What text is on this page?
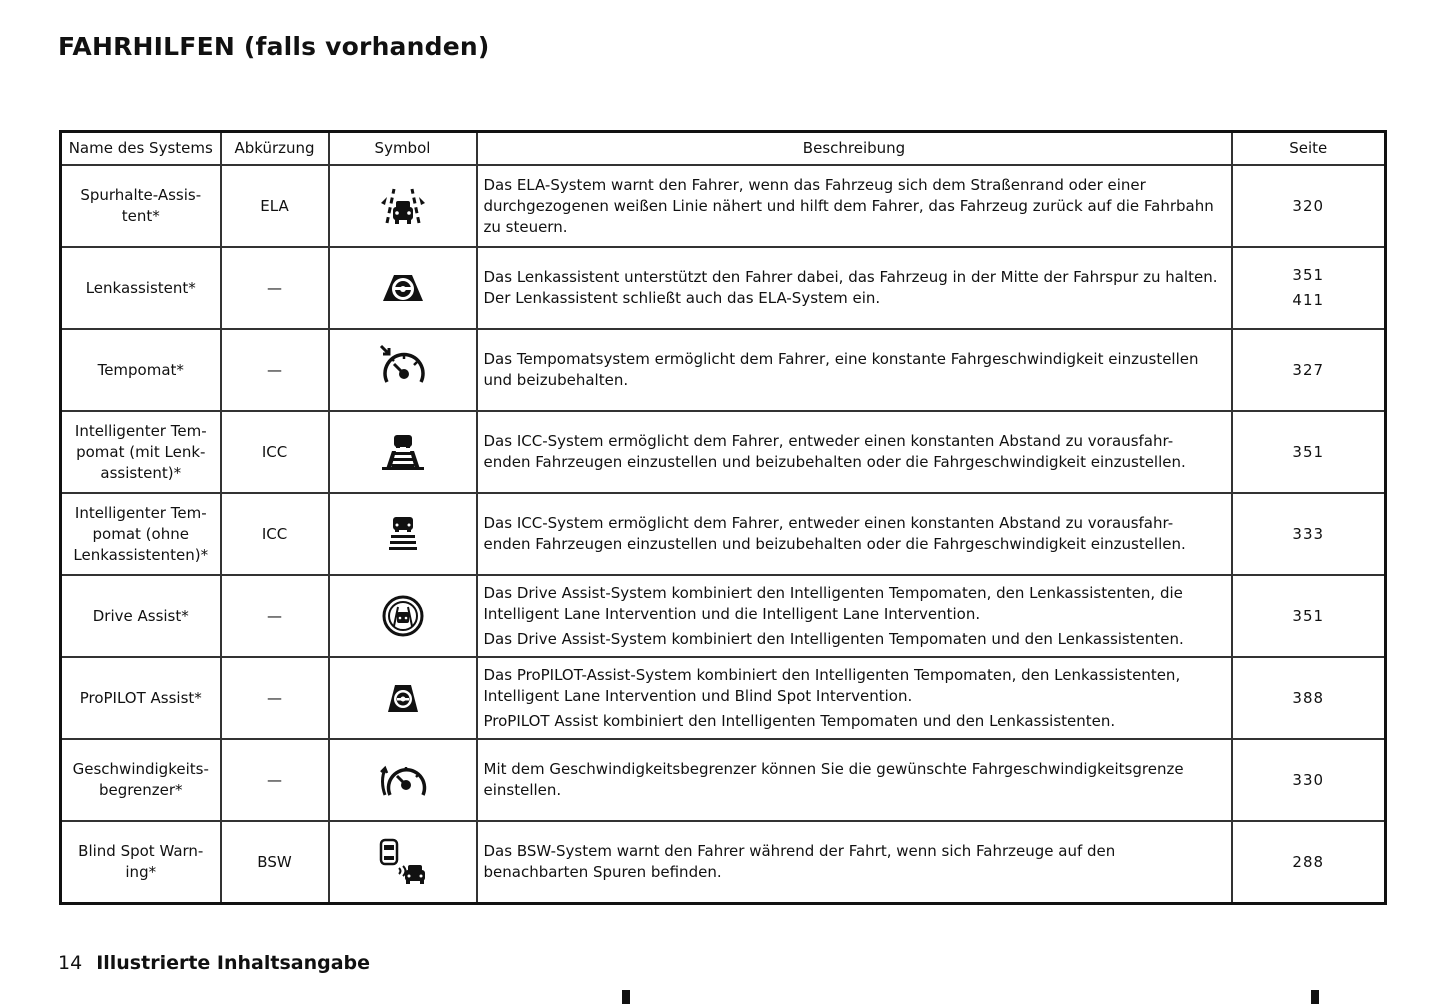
FAHRHILFEN (falls vorhanden)
Name des Systems	Abkürzung	Symbol	Beschreibung	Seite

Spurhalte-Assis-
tent*	ELA		Das ELA-System warnt den Fahrer, wenn das Fahrzeug sich dem Straßenrand oder einer durchgezogenen weißen Linie nähert und hilft dem Fahrer, das Fahrzeug zurück auf die Fahrbahn zu steuern.	320

Lenkassistent*	—		Das Lenkassistent unterstützt den Fahrer dabei, das Fahrzeug in der Mitte der Fahrspur zu halten. Der Lenkassistent schließt auch das ELA-System ein.	351
411

Tempomat*	—		Das Tempomatsystem ermöglicht dem Fahrer, eine konstante Fahrgeschwindigkeit einzustellen und beizubehalten.	327

Intelligenter Tem-
pomat (mit Lenk-
assistent)*	ICC		Das ICC-System ermöglicht dem Fahrer, entweder einen konstanten Abstand zu vorausfahr- enden Fahrzeugen einzustellen und beizubehalten oder die Fahrgeschwindigkeit einzustellen.	351

Intelligenter Tem-
pomat (ohne
Lenkassistenten)*	ICC		Das ICC-System ermöglicht dem Fahrer, entweder einen konstanten Abstand zu vorausfahr- enden Fahrzeugen einzustellen und beizubehalten oder die Fahrgeschwindigkeit einzustellen.	333

Drive Assist*	—		Das Drive Assist-System kombiniert den Intelligenten Tempomaten, den Lenkassistenten, die Intelligent Lane Intervention und die Intelligent Lane Intervention.
Das Drive Assist-System kombiniert den Intelligenten Tempomaten und den Lenkassistenten.	351

ProPILOT Assist*	—		Das ProPILOT-Assist-System kombiniert den Intelligenten Tempomaten, den Lenkassistenten, Intelligent Lane Intervention und Blind Spot Intervention.
ProPILOT Assist kombiniert den Intelligenten Tempomaten und den Lenkassistenten.	388

Geschwindigkeits-
begrenzer*	—		Mit dem Geschwindigkeitsbegrenzer können Sie die gewünschte Fahrgeschwindigkeitsgrenze einstellen.	330

Blind Spot Warn-
ing*	BSW		Das BSW-System warnt den Fahrer während der Fahrt, wenn sich Fahrzeuge auf den benachbarten Spuren befinden.	288
14 Illustrierte Inhaltsangabe
